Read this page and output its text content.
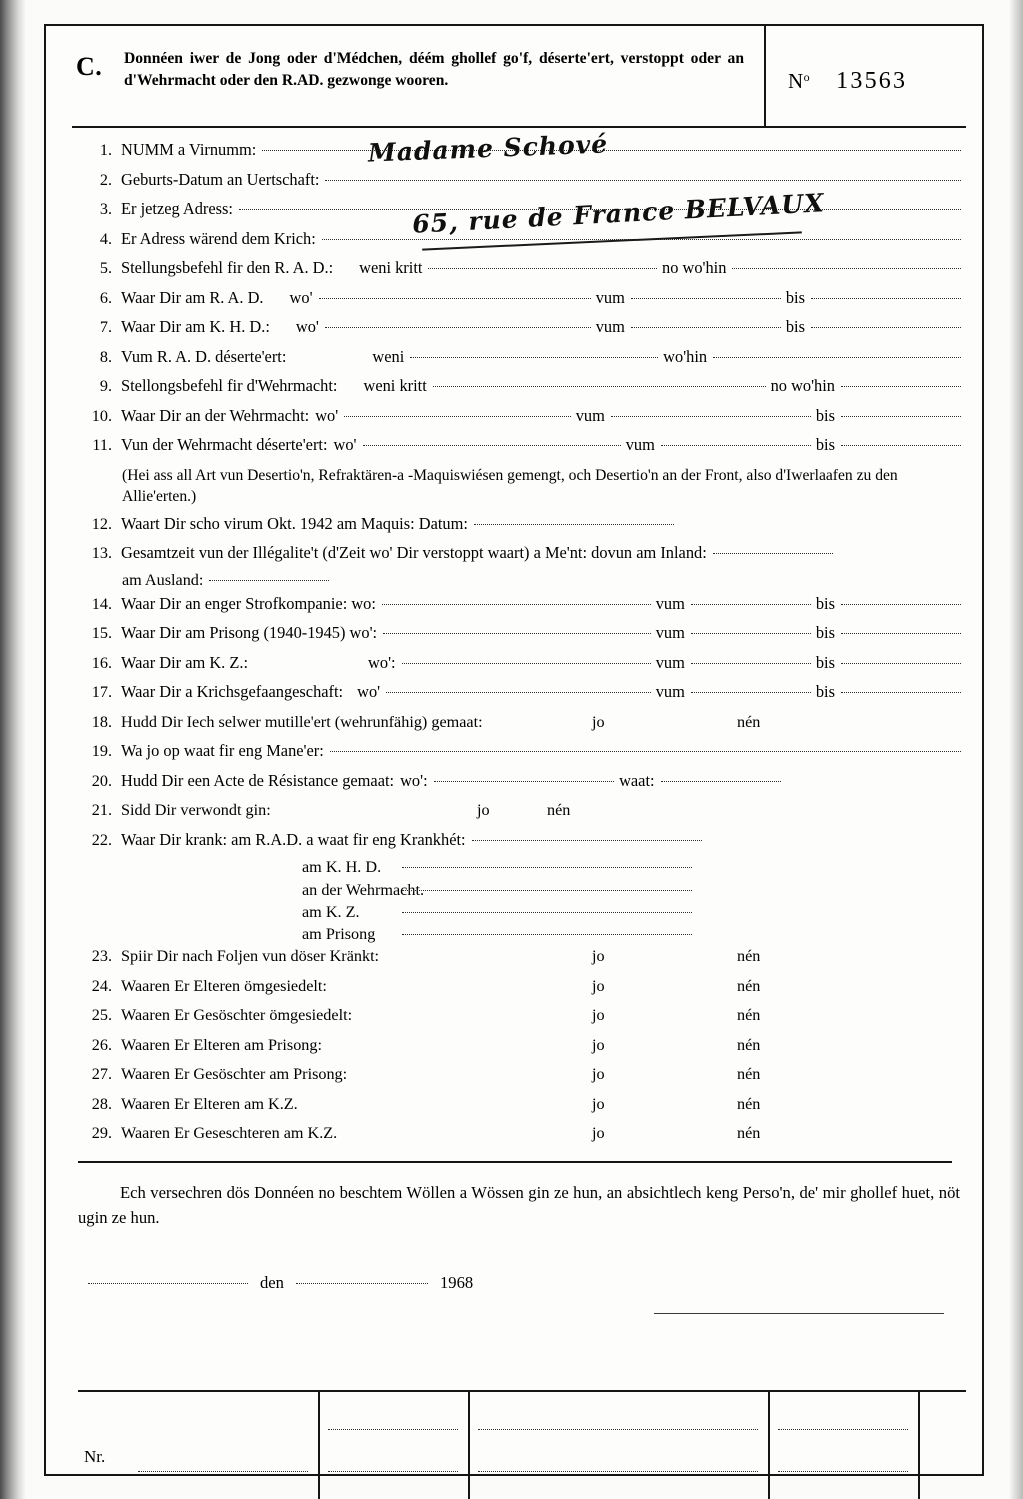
C. Donnéen iwer de Jong oder d'Médchen, déém ghollef go'f, déserte'ert, verstoppt oder an d'Wehrmacht oder den R.AD. gezwonge wooren.	$N^o$ 13563
Madame Schové
65, rue de France BELVAUX
1. NUMM a Virnumm:
2. Geburts-Datum an Uertschaft:
3. Er jetzeg Adress:
4. Er Adress wärend dem Krich:
5. Stellungsbefehl fir den R. A. D.: weni kritt	no wo'hin
6. Waar Dir am R. A. D. wo'	vum	bis
7. Waar Dir am K. H. D.: wo'	vum	bis
8. Vum R. A. D. déserte'ert:	weni	wo'hin
9. Stellongsbefehl fir d'Wehrmacht: weni kritt	no wo'hin
10. Waar Dir an der Wehrmacht: wo'	vum	bis
11. Vun der Wehrmacht déserte'ert: wo'	vum	bis
(Hei ass all Art vun Desertio'n, Refraktären-a -Maquiswiésen gemengt, och Desertio'n an der Front, also d'Iwerlaafen zu den Allie'erten.)
12. Waart Dir scho virum Okt. 1942 am Maquis: Datum:
13. Gesamtzeit vun der Illégalite't (d'Zeit wo' Dir verstoppt waart) a Me'nt: dovun am Inland:
am Ausland:
14. Waar Dir an enger Strofkompanie: wo:	vum	bis
15. Waar Dir am Prisong (1940-1945) wo':	vum	bis
16. Waar Dir am K. Z.:	wo':	vum	bis
17. Waar Dir a Krichsgefaangeschaft: wo'	vum	bis
18. Hudd Dir Iech selwer mutille'ert (wehrunfähig) gemaat:	jo	nén
19. Wa jo op waat fir eng Mane'er:
20. Hudd Dir een Acte de Résistance gemaat: wo':	waat:
21. Sidd Dir verwondt gin:	jo	nén
22. Waar Dir krank: am R.A.D. a waat fir eng Krankhét:
am K. H. D.
an der Wehrmacht.
am K. Z.
am Prisong
23. Spiir Dir nach Foljen vun döser Kränkt:	jo	nén
24. Waaren Er Elteren ömgesiedelt:	jo	nén
25. Waaren Er Gesöschter ömgesiedelt:	jo	nén
26. Waaren Er Elteren am Prisong:	jo	nén
27. Waaren Er Gesöschter am Prisong:	jo	nén
28. Waaren Er Elteren am K.Z.	jo	nén
29. Waaren Er Geseschteren am K.Z.	jo	nén
Ech versechren dös Donnéen no beschtem Wöllen a Wössen gin ze hun, an absichtlech keng Perso'n, de' mir ghollef huet, nöt ugin ze hun.
den	1968
Nr.
